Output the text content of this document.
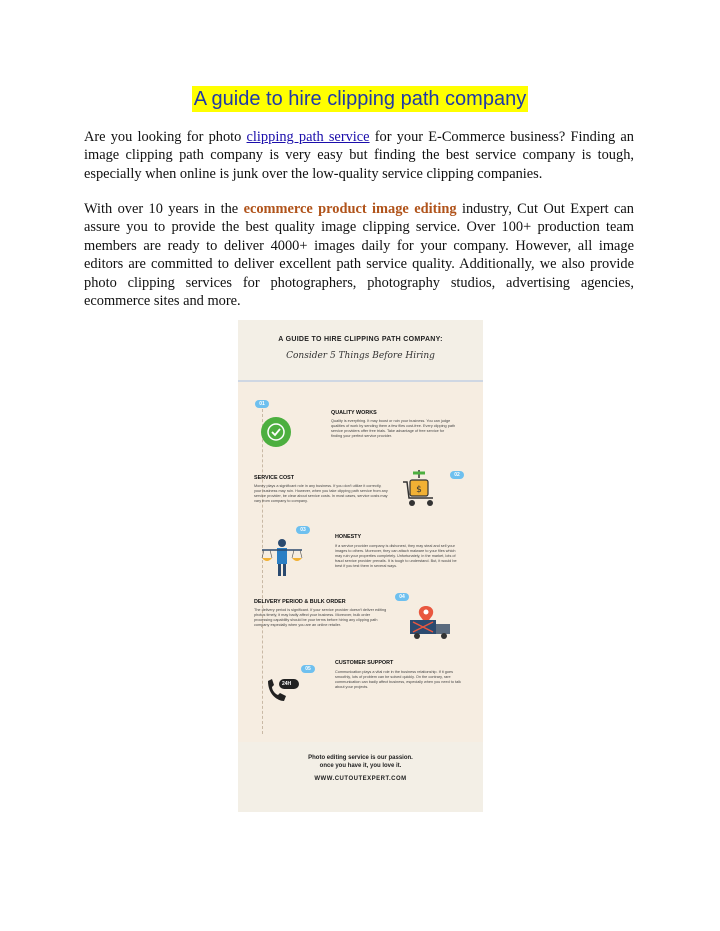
A guide to hire clipping path company

Are you looking for photo clipping path service for your E-Commerce business? Finding an image clipping path company is very easy but finding the best service company is tough, especially when online is junk over the low-quality service clipping companies.

With over 10 years in the ecommerce product image editing industry, Cut Out Expert can assure you to provide the best quality image clipping service. Over 100+ production team members are ready to deliver 4000+ images daily for your company. However, all image editors are committed to deliver excellent path service quality. Additionally, we also provide photo clipping services for photographers, photography studios, advertising agencies, ecommerce sites and more.

A GUIDE TO HIRE CLIPPING PATH COMPANY:
Consider 5 Things Before Hiring
01
QUALITY WORKS
Quality is everything. It may boost or ruin your business. You can judge qualities of work by sending them a few files cost-free. Every clipping path service providers offer free trials. Take advantage of free service for finding your perfect service provider.
02
SERVICE COST
Money plays a significant role in any business. If you don't utilize it correctly, your business may ruin. However, when you take clipping path service from any service provider, be clear about service costs. In most cases, service costs may vary from company to company.
$
03
HONESTY
If a service provider company is dishonest, they may steal and sell your images to others. Moreover, they can attach malware to your files which may ruin your properties completely. Unfortunately, in the market, lots of fraud service provider prevails. It is tough to understand. But, it would be best if you test them in several ways.
04
DELIVERY PERIOD & BULK ORDER
The delivery period is significant. If your service provider doesn't deliver editing photos timely, it may badly affect your business. Moreover, bulk order processing capability should be your terms before hiring any clipping path company especially when you are an online retailer.
05
24H
CUSTOMER SUPPORT
Communication plays a vital role in the business relationship. If it goes smoothly, lots of problem can be solved quickly. On the contrary, rare communication can badly affect business, especially when you need to talk about your projects.
Photo editing service is our passion.
once you have it, you love it.
WWW.CUTOUTEXPERT.COM
